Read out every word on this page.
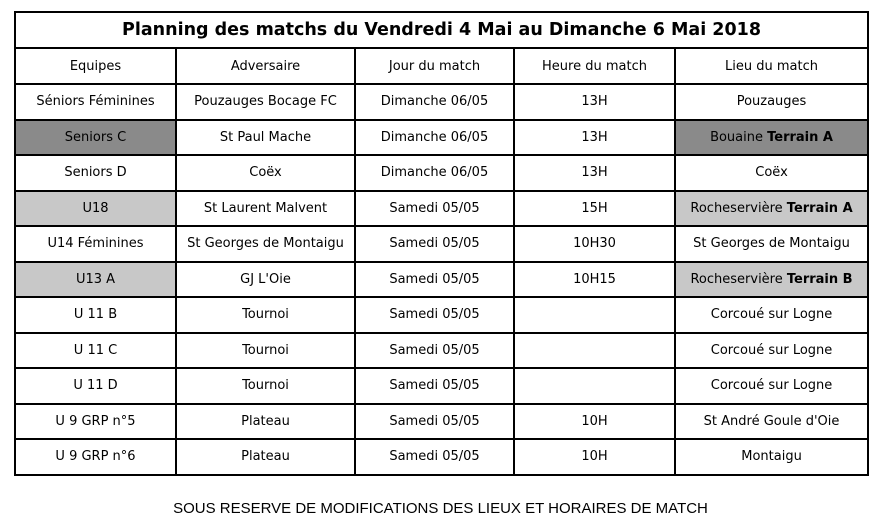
Planning des matchs du Vendredi 4 Mai au Dimanche 6 Mai 2018				
Equipes	Adversaire	Jour du match	Heure du match	Lieu du match
Séniors Féminines	Pouzauges Bocage FC	Dimanche 06/05	13H	Pouzauges
Seniors C	St Paul Mache	Dimanche 06/05	13H	Bouaine Terrain A
Seniors D	Coëx	Dimanche 06/05	13H	Coëx
U18	St Laurent Malvent	Samedi 05/05	15H	Rocheservière Terrain A
U14 Féminines	St Georges de Montaigu	Samedi 05/05	10H30	St Georges de Montaigu
U13 A	GJ L'Oie	Samedi 05/05	10H15	Rocheservière Terrain B
U 11 B	Tournoi	Samedi 05/05		Corcoué sur Logne
U 11 C	Tournoi	Samedi 05/05		Corcoué sur Logne
U 11 D	Tournoi	Samedi 05/05		Corcoué sur Logne
U 9 GRP n°5	Plateau	Samedi 05/05	10H	St André Goule d'Oie
U 9 GRP n°6	Plateau	Samedi 05/05	10H	Montaigu
SOUS RESERVE DE MODIFICATIONS DES LIEUX ET HORAIRES DE MATCH
